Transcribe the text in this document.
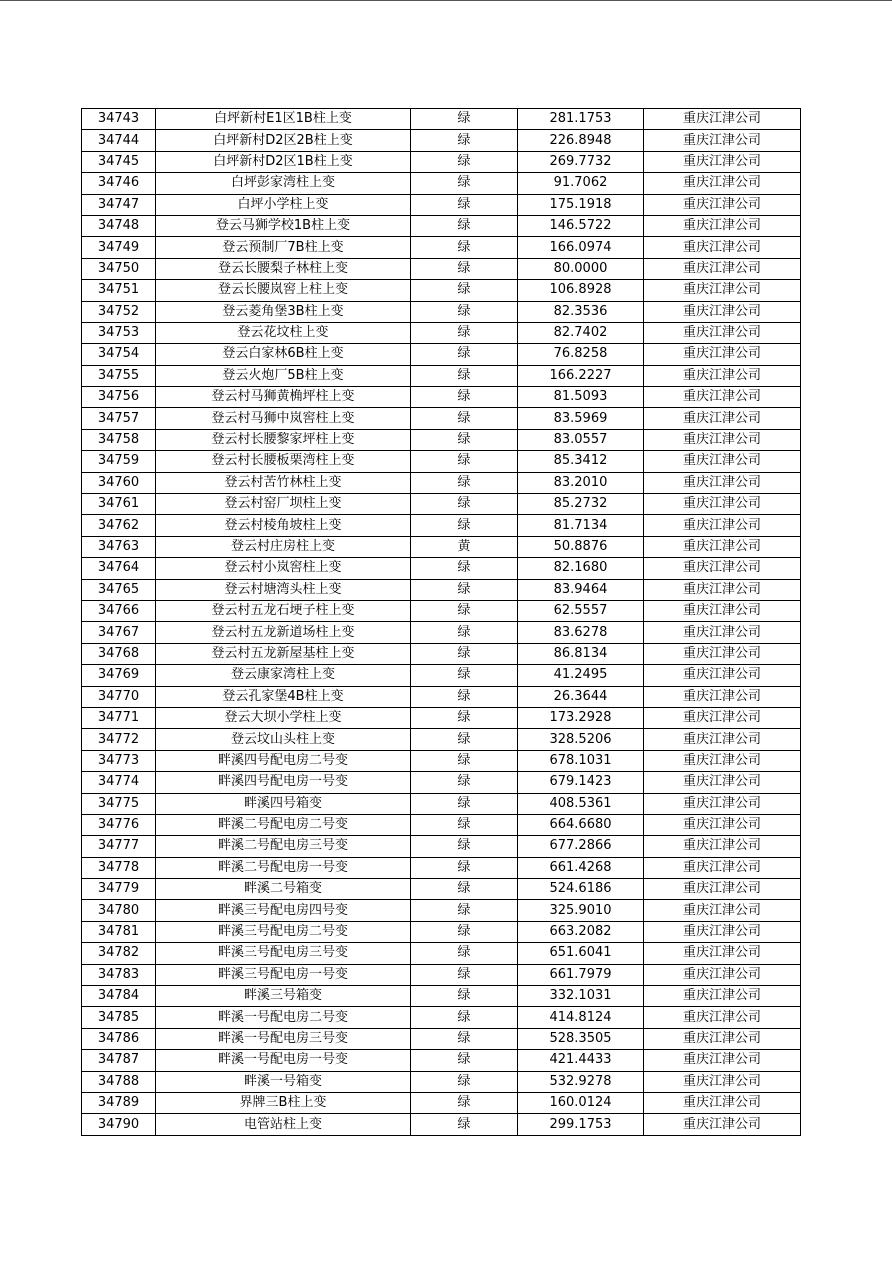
34743	白坪新村E1区1B柱上变	绿	281.1753	重庆江津公司
34744	白坪新村D2区2B柱上变	绿	226.8948	重庆江津公司
34745	白坪新村D2区1B柱上变	绿	269.7732	重庆江津公司
34746	白坪彭家湾柱上变	绿	91.7062	重庆江津公司
34747	白坪小学柱上变	绿	175.1918	重庆江津公司
34748	登云马狮学校1B柱上变	绿	146.5722	重庆江津公司
34749	登云预制厂7B柱上变	绿	166.0974	重庆江津公司
34750	登云长腰梨子林柱上变	绿	80.0000	重庆江津公司
34751	登云长腰岚窖上柱上变	绿	106.8928	重庆江津公司
34752	登云菱角堡3B柱上变	绿	82.3536	重庆江津公司
34753	登云花坟柱上变	绿	82.7402	重庆江津公司
34754	登云白家林6B柱上变	绿	76.8258	重庆江津公司
34755	登云火炮厂5B柱上变	绿	166.2227	重庆江津公司
34756	登云村马狮黄桷坪柱上变	绿	81.5093	重庆江津公司
34757	登云村马狮中岚窖柱上变	绿	83.5969	重庆江津公司
34758	登云村长腰黎家坪柱上变	绿	83.0557	重庆江津公司
34759	登云村长腰板栗湾柱上变	绿	85.3412	重庆江津公司
34760	登云村苦竹林柱上变	绿	83.2010	重庆江津公司
34761	登云村窑厂坝柱上变	绿	85.2732	重庆江津公司
34762	登云村棱角坡柱上变	绿	81.7134	重庆江津公司
34763	登云村庄房柱上变	黄	50.8876	重庆江津公司
34764	登云村小岚窖柱上变	绿	82.1680	重庆江津公司
34765	登云村塘湾头柱上变	绿	83.9464	重庆江津公司
34766	登云村五龙石埂子柱上变	绿	62.5557	重庆江津公司
34767	登云村五龙新道场柱上变	绿	83.6278	重庆江津公司
34768	登云村五龙新屋基柱上变	绿	86.8134	重庆江津公司
34769	登云康家湾柱上变	绿	41.2495	重庆江津公司
34770	登云孔家堡4B柱上变	绿	26.3644	重庆江津公司
34771	登云大坝小学柱上变	绿	173.2928	重庆江津公司
34772	登云坟山头柱上变	绿	328.5206	重庆江津公司
34773	畔溪四号配电房二号变	绿	678.1031	重庆江津公司
34774	畔溪四号配电房一号变	绿	679.1423	重庆江津公司
34775	畔溪四号箱变	绿	408.5361	重庆江津公司
34776	畔溪二号配电房二号变	绿	664.6680	重庆江津公司
34777	畔溪二号配电房三号变	绿	677.2866	重庆江津公司
34778	畔溪二号配电房一号变	绿	661.4268	重庆江津公司
34779	畔溪二号箱变	绿	524.6186	重庆江津公司
34780	畔溪三号配电房四号变	绿	325.9010	重庆江津公司
34781	畔溪三号配电房二号变	绿	663.2082	重庆江津公司
34782	畔溪三号配电房三号变	绿	651.6041	重庆江津公司
34783	畔溪三号配电房一号变	绿	661.7979	重庆江津公司
34784	畔溪三号箱变	绿	332.1031	重庆江津公司
34785	畔溪一号配电房二号变	绿	414.8124	重庆江津公司
34786	畔溪一号配电房三号变	绿	528.3505	重庆江津公司
34787	畔溪一号配电房一号变	绿	421.4433	重庆江津公司
34788	畔溪一号箱变	绿	532.9278	重庆江津公司
34789	界牌三B柱上变	绿	160.0124	重庆江津公司
34790	电管站柱上变	绿	299.1753	重庆江津公司
